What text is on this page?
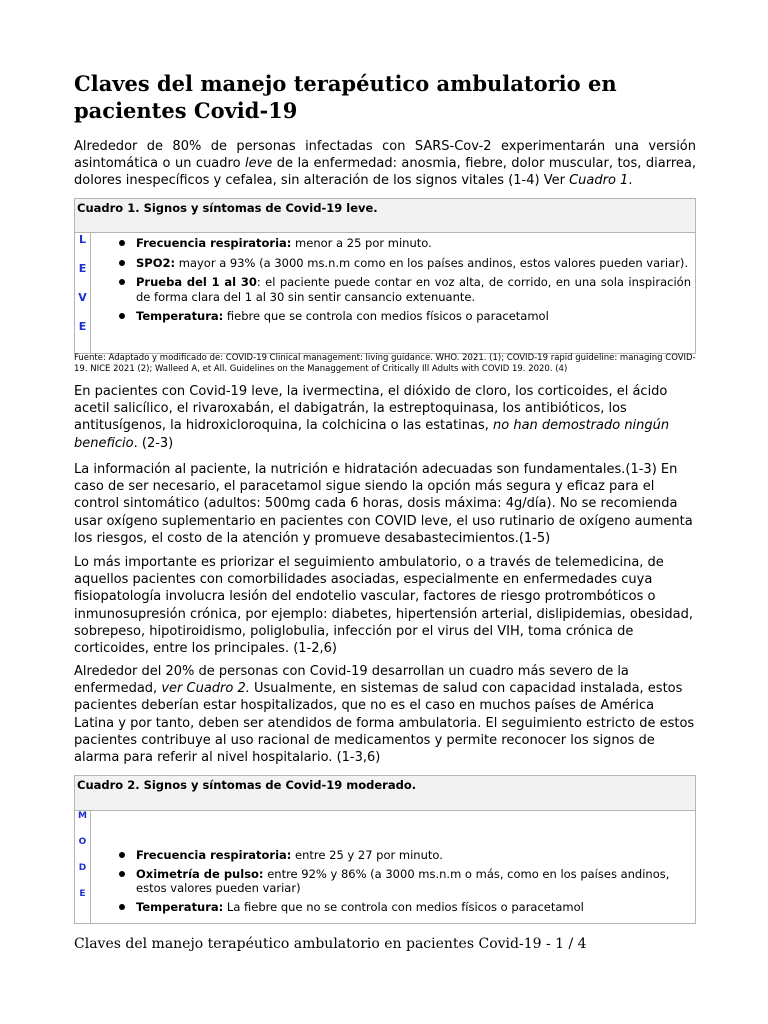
Claves del manejo terapéutico ambulatorio en pacientes Covid-19

Alrededor de 80% de personas infectadas con SARS-Cov-2 experimentarán una versión asintomática o un cuadro leve de la enfermedad: anosmia, fiebre, dolor muscular, tos, diarrea, dolores inespecíficos y cefalea, sin alteración de los signos vitales (1-4) Ver Cuadro 1.

Cuadro 1. Signos y síntomas de Covid-19 leve.

L
E
V
E

Frecuencia respiratoria: menor a 25 por minuto.
SPO2: mayor a 93% (a 3000 ms.n.m como en los países andinos, estos valores pueden variar).
Prueba del 1 al 30: el paciente puede contar en voz alta, de corrido, en una sola inspiración de forma clara del 1 al 30 sin sentir cansancio extenuante.
Temperatura: fiebre que se controla con medios físicos o paracetamol
Fuente: Adaptado y modificado de: COVID-19 Clinical management: living guidance. WHO. 2021. (1); COVID-19 rapid guideline: managing COVID-19. NICE 2021 (2); Walleed A, et All. Guidelines on the Managgement of Critically Ill Adults with COVID 19. 2020. (4)

En pacientes con Covid-19 leve, la ivermectina, el dióxido de cloro, los corticoides, el ácido acetil salicílico, el rivaroxabán, el dabigatrán, la estreptoquinasa, los antibióticos, los antitusígenos, la hidroxicloroquina, la colchicina o las estatinas, no han demostrado ningún beneficio. (2-3)

La información al paciente, la nutrición e hidratación adecuadas son fundamentales.(1-3) En caso de ser necesario, el paracetamol sigue siendo la opción más segura y eficaz para el control sintomático (adultos: 500mg cada 6 horas, dosis máxima: 4g/día). No se recomienda usar oxígeno suplementario en pacientes con COVID leve, el uso rutinario de oxígeno aumenta los riesgos, el costo de la atención y promueve desabastecimientos.(1-5)

Lo más importante es priorizar el seguimiento ambulatorio, o a través de telemedicina, de aquellos pacientes con comorbilidades asociadas, especialmente en enfermedades cuya fisiopatología involucra lesión del endotelio vascular, factores de riesgo protrombóticos o inmunosupresión crónica, por ejemplo: diabetes, hipertensión arterial, dislipidemias, obesidad, sobrepeso, hipotiroidismo, poliglobulia, infección por el virus del VIH, toma crónica de corticoides, entre los principales. (1-2,6)

Alrededor del 20% de personas con Covid-19 desarrollan un cuadro más severo de la enfermedad, ver Cuadro 2. Usualmente, en sistemas de salud con capacidad instalada, estos pacientes deberían estar hospitalizados, que no es el caso en muchos países de América Latina y por tanto, deben ser atendidos de forma ambulatoria. El seguimiento estricto de estos pacientes contribuye al uso racional de medicamentos y permite reconocer los signos de alarma para referir al nivel hospitalario. (1-3,6)

Cuadro 2. Signos y síntomas de Covid-19 moderado.

M
O
D
E

Frecuencia respiratoria: entre 25 y 27 por minuto.
Oximetría de pulso: entre 92% y 86% (a 3000 ms.n.m o más, como en los países andinos, estos valores pueden variar)
Temperatura: La fiebre que no se controla con medios físicos o paracetamol
Claves del manejo terapéutico ambulatorio en pacientes Covid-19 - 1 / 4
